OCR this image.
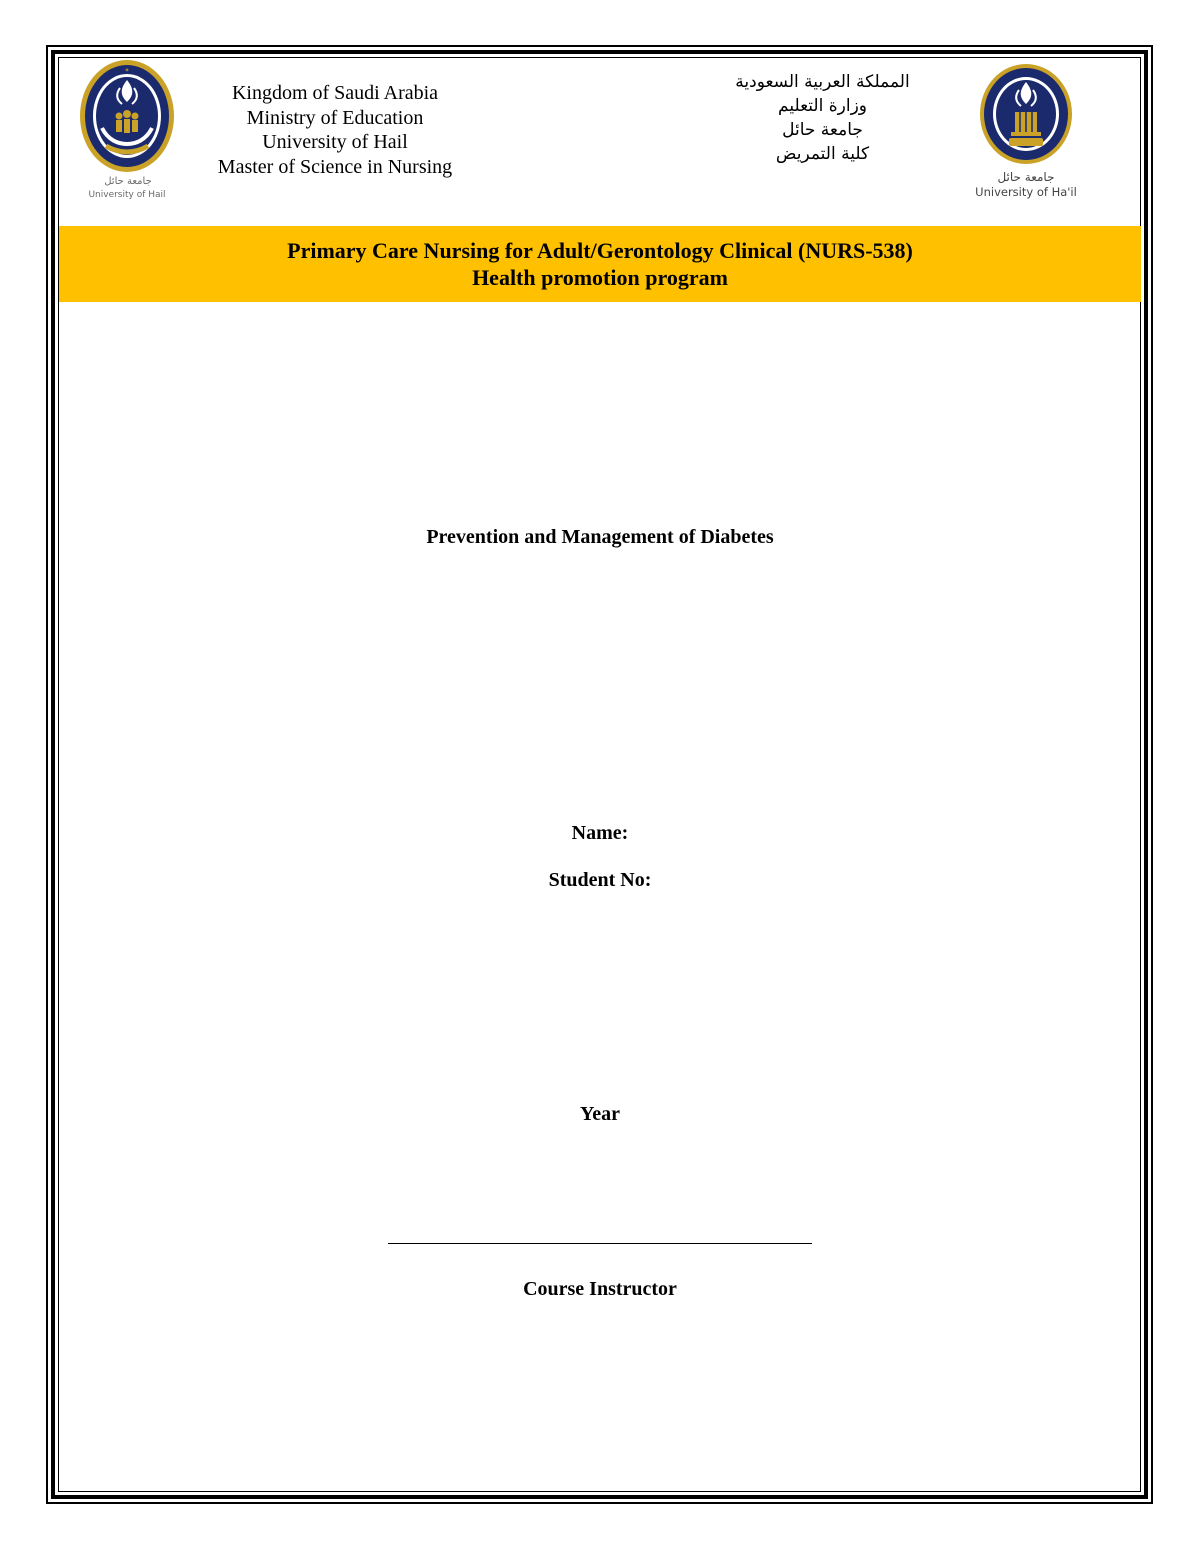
✶
جامعة حائل
University of Hail
Kingdom of Saudi Arabia
Ministry of Education
University of Hail
Master of Science in Nursing
المملكة العربية السعودية
وزارة التعليم
جامعة حائل
كلية التمريض
جامعة حائل
University of Ha'il
Primary Care Nursing for Adult/Gerontology Clinical (NURS-538)
Health promotion program
Prevention and Management of Diabetes
Name:
Student No:
Year
Course Instructor
